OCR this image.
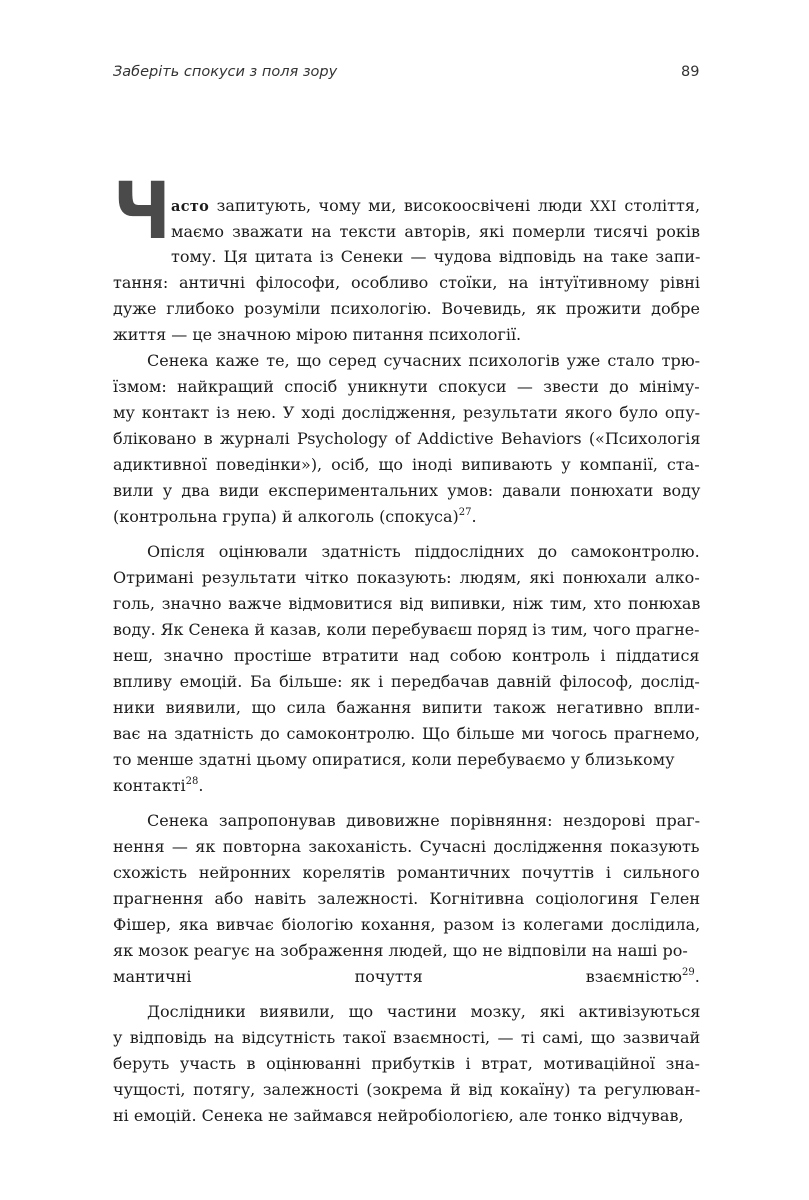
Заберіть спокуси з поля зору	89
Ч асто запитують, чому ми, високоосвічені люди XXI століття,
маємо зважати на тексти авторів, які померли тисячі років
тому. Ця цитата із Сенеки — чудова відповідь на таке запи-
тання: античні філософи, особливо стоїки, на інтуїтивному рівні
дуже глибоко розуміли психологію. Вочевидь, як прожити добре
життя — це значною мірою питання психології.
Сенека каже те, що серед сучасних психологів уже стало трю-
їзмом: найкращий спосіб уникнути спокуси — звести до мініму-
му контакт із нею. У ході дослідження, результати якого було опу-
бліковано в журналі Psychology of Addictive Behaviors («Психологія
адиктивної поведінки»), осіб, що іноді випивають у компанії, ста-
вили у два види експериментальних умов: давали понюхати воду
(контрольна група) й алкоголь (спокуса)$^{27}$.
Опісля оцінювали здатність піддослідних до самоконтролю.
Отримані результати чітко показують: людям, які понюхали алко-
голь, значно важче відмовитися від випивки, ніж тим, хто понюхав
воду. Як Сенека й казав, коли перебуваєш поряд із тим, чого прагне-
неш, значно простіше втратити над собою контроль і піддатися
впливу емоцій. Ба більше: як і передбачав давній філософ, дослід-
ники виявили, що сила бажання випити також негативно впли-
ває на здатність до самоконтролю. Що більше ми чогось прагнемо,
то менше здатні цьому опиратися, коли перебуваємо у близькому
контакті$^{28}$.
Сенека запропонував дивовижне порівняння: нездорові праг-
нення — як повторна закоханість. Сучасні дослідження показують
схожість нейронних корелятів романтичних почуттів і сильного
прагнення або навіть залежності. Когнітивна соціологиня Гелен
Фішер, яка вивчає біологію кохання, разом із колегами дослідила,
як мозок реагує на зображення людей, що не відповіли на наші ро-
мантичні почуття взаємністю$^{29}$.
Дослідники виявили, що частини мозку, які активізуються
у відповідь на відсутність такої взаємності, — ті самі, що зазвичай
беруть участь в оцінюванні прибутків і втрат, мотиваційної зна-
чущості, потягу, залежності (зокрема й від кокаїну) та регулюван-
ні емоцій. Сенека не займався нейробіологією, але тонко відчував,
